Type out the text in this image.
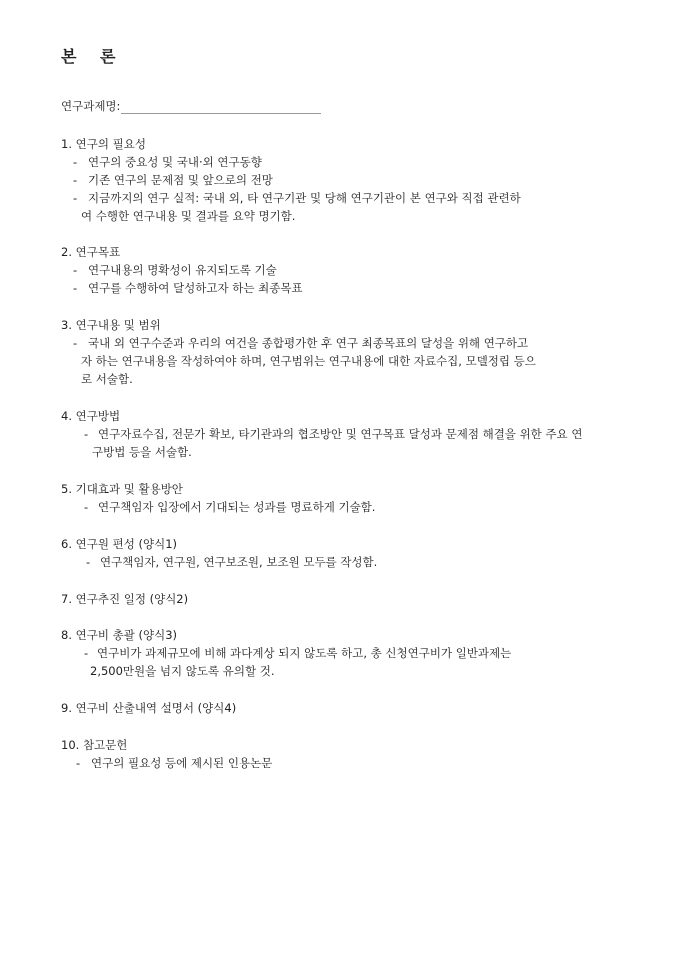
본 론
연구과제명:
1. 연구의 필요성
- 연구의 중요성 및 국내·외 연구동향
- 기존 연구의 문제점 및 앞으로의 전망
- 지금까지의 연구 실적: 국내 외, 타 연구기관 및 당해 연구기관이 본 연구와 직접 관련하
여 수행한 연구내용 및 결과를 요약 명기함.
2. 연구목표
- 연구내용의 명확성이 유지되도록 기술
- 연구를 수행하여 달성하고자 하는 최종목표
3. 연구내용 및 범위
- 국내 외 연구수준과 우리의 여건을 종합평가한 후 연구 최종목표의 달성을 위해 연구하고
자 하는 연구내용을 작성하여야 하며, 연구범위는 연구내용에 대한 자료수집, 모델정립 등으
로 서술함.
4. 연구방법
- 연구자료수집, 전문가 확보, 타기관과의 협조방안 및 연구목표 달성과 문제점 해결을 위한 주요 연
구방법 등을 서술함.
5. 기대효과 및 활용방안
- 연구책임자 입장에서 기대되는 성과를 명료하게 기술함.
6. 연구원 편성 (양식1)
- 연구책임자, 연구원, 연구보조원, 보조원 모두를 작성함.
7. 연구추진 일정 (양식2)
8. 연구비 총괄 (양식3)
- 연구비가 과제규모에 비해 과다계상 되지 않도록 하고, 총 신청연구비가 일반과제는
2,500만원을 넘지 않도록 유의할 것.
9. 연구비 산출내역 설명서 (양식4)
10. 참고문헌
- 연구의 필요성 등에 제시된 인용논문
